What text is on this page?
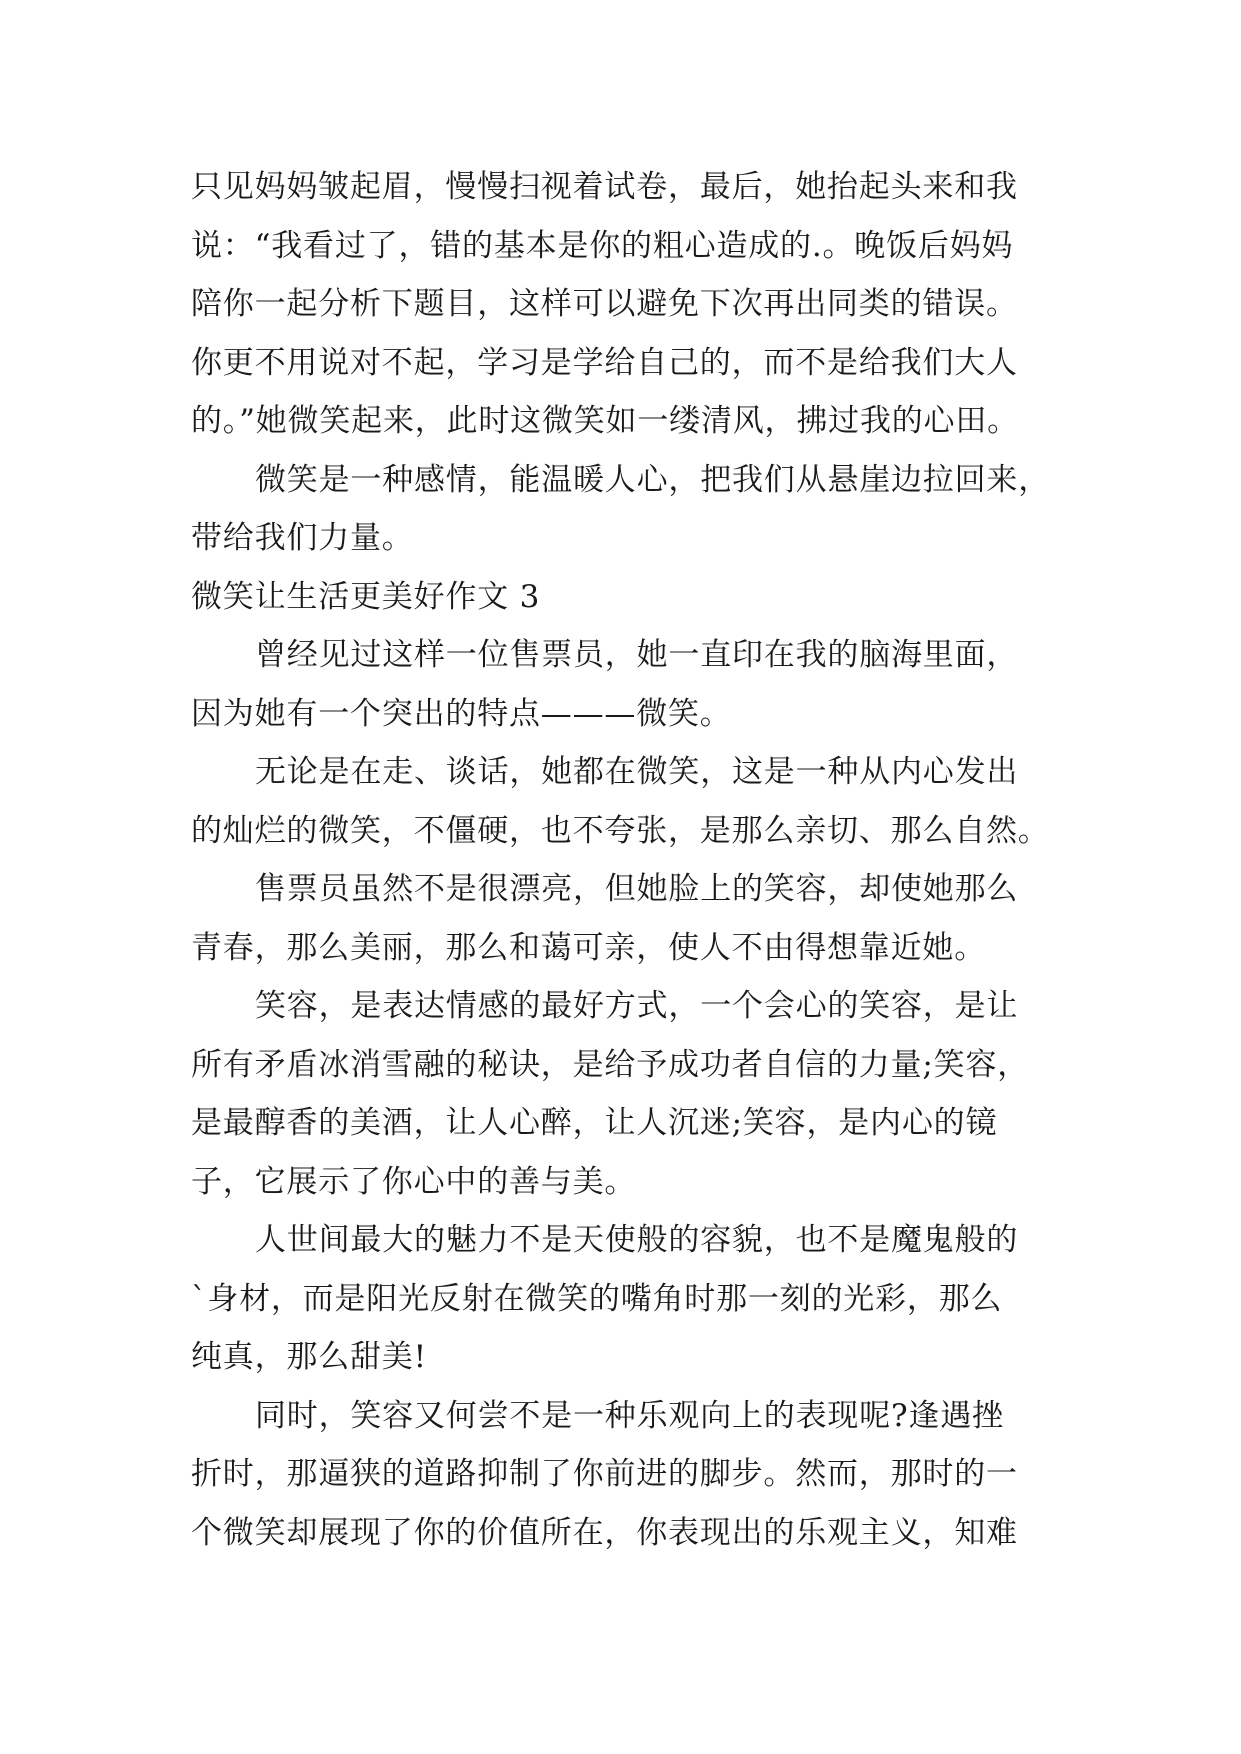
只见妈妈皱起眉，慢慢扫视着试卷，最后，她抬起头来和我
说：“我看过了，错的基本是你的粗心造成的.。晚饭后妈妈
陪你一起分析下题目，这样可以避免下次再出同类的错误。
你更不用说对不起，学习是学给自己的，而不是给我们大人
的。”她微笑起来，此时这微笑如一缕清风，拂过我的心田。
微笑是一种感情，能温暖人心，把我们从悬崖边拉回来，
带给我们力量。
微笑让生活更美好作文 3
曾经见过这样一位售票员，她一直印在我的脑海里面，
因为她有一个突出的特点———微笑。
无论是在走、谈话，她都在微笑，这是一种从内心发出
的灿烂的微笑，不僵硬，也不夸张，是那么亲切、那么自然。
售票员虽然不是很漂亮，但她脸上的笑容，却使她那么
青春，那么美丽，那么和蔼可亲，使人不由得想靠近她。
笑容，是表达情感的最好方式，一个会心的笑容，是让
所有矛盾冰消雪融的秘诀，是给予成功者自信的力量;笑容，
是最醇香的美酒，让人心醉，让人沉迷;笑容，是内心的镜
子，它展示了你心中的善与美。
人世间最大的魅力不是天使般的容貌，也不是魔鬼般的
`身材，而是阳光反射在微笑的嘴角时那一刻的光彩，那么
纯真，那么甜美!
同时，笑容又何尝不是一种乐观向上的表现呢?逢遇挫
折时，那逼狭的道路抑制了你前进的脚步。然而，那时的一
个微笑却展现了你的价值所在，你表现出的乐观主义，知难
